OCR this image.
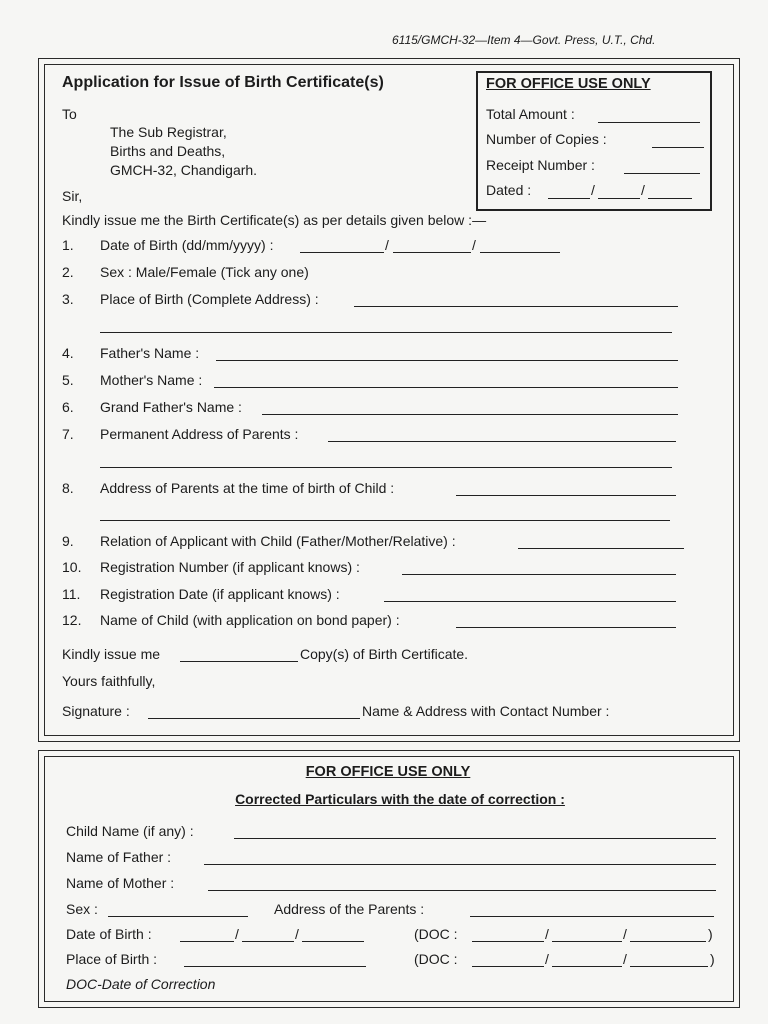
6115/GMCH-32—Item 4—Govt. Press, U.T., Chd.
Application for Issue of Birth Certificate(s)	FOR OFFICE USE ONLY
Total Amount :
Number of Copies :
Receipt Number :
Dated :	/	/
To
The Sub Registrar,
Births and Deaths,
GMCH-32, Chandigarh.
Sir,
Kindly issue me the Birth Certificate(s) as per details given below :—
1. Date of Birth (dd/mm/yyyy) :	/	/
2. Sex : Male/Female (Tick any one)
3. Place of Birth (Complete Address) :
4. Father's Name :
5. Mother's Name :
6. Grand Father's Name :
7. Permanent Address of Parents :
8. Address of Parents at the time of birth of Child :
9. Relation of Applicant with Child (Father/Mother/Relative) :
10. Registration Number (if applicant knows) :
11. Registration Date (if applicant knows) :
12. Name of Child (with application on bond paper) :
Kindly issue me	Copy(s) of Birth Certificate.
Yours faithfully,
Signature :	Name & Address with Contact Number :
FOR OFFICE USE ONLY
Corrected Particulars with the date of correction :
Child Name (if any) :
Name of Father :
Name of Mother :
Sex :	Address of the Parents :
Date of Birth :	/	/	(DOC :	/	/	)
Place of Birth :	(DOC :	/	/	)
DOC-Date of Correction
